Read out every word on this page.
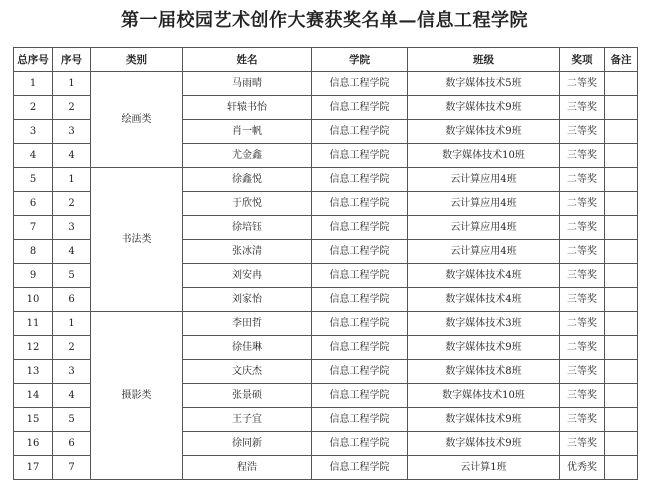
第一届校园艺术创作大赛获奖名单—信息工程学院
总序号	序号	类别	姓名	学院	班级	奖项	备注
1	1	绘画类	马雨晴	信息工程学院	数字媒体技术5班	二等奖	
2	2		轩辕书怡	信息工程学院	数字媒体技术9班	三等奖	
3	3		肖一帆	信息工程学院	数字媒体技术9班	三等奖	
4	4		尤金鑫	信息工程学院	数字媒体技术10班	三等奖	
5	1	书法类	徐鑫悦	信息工程学院	云计算应用4班	二等奖	
6	2		于欣悦	信息工程学院	云计算应用4班	二等奖	
7	3		徐培钰	信息工程学院	云计算应用4班	二等奖	
8	4		张冰清	信息工程学院	云计算应用4班	二等奖	
9	5		刘安冉	信息工程学院	数字媒体技术4班	三等奖	
10	6		刘家怡	信息工程学院	数字媒体技术4班	三等奖	
11	1	摄影类	李田哲	信息工程学院	数字媒体技术3班	二等奖	
12	2		徐佳琳	信息工程学院	数字媒体技术9班	二等奖	
13	3		文庆杰	信息工程学院	数字媒体技术8班	三等奖	
14	4		张景硕	信息工程学院	数字媒体技术10班	三等奖	
15	5		王子宜	信息工程学院	数字媒体技术9班	三等奖	
16	6		徐同新	信息工程学院	数字媒体技术9班	三等奖	
17	7		程浩	信息工程学院	云计算1班	优秀奖	
